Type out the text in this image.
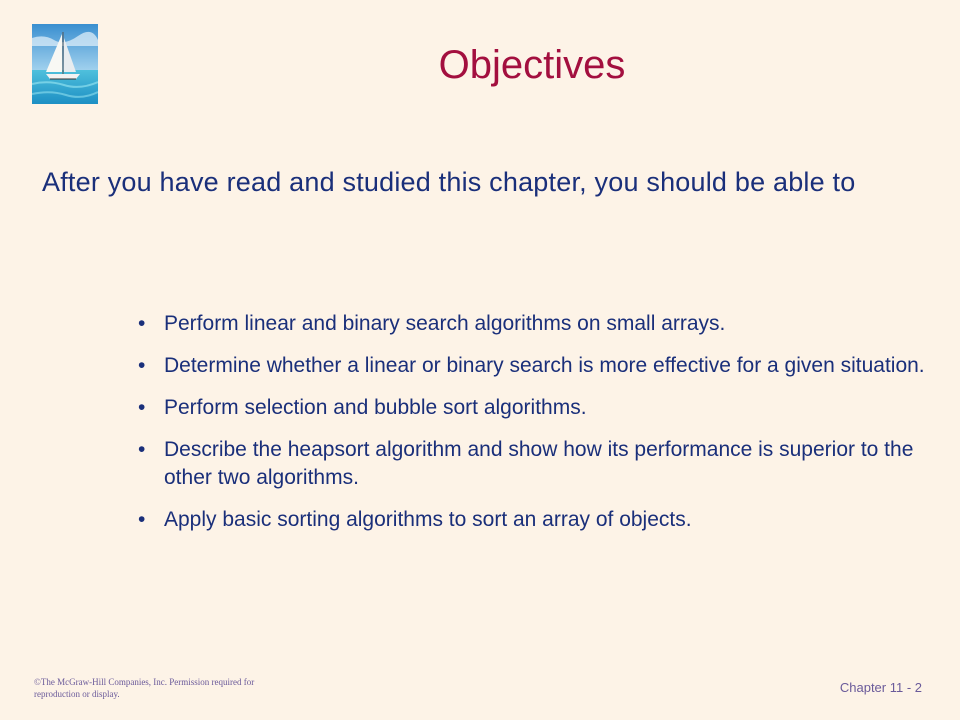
Objectives

After you have read and studied this chapter, you should be able to

• Perform linear and binary search algorithms on small arrays.
• Determine whether a linear or binary search is more effective for a given situation.
• Perform selection and bubble sort algorithms.
• Describe the heapsort algorithm and show how its performance is superior to the other two algorithms.
• Apply basic sorting algorithms to sort an array of objects.
©The McGraw-Hill Companies, Inc. Permission required for reproduction or display.	Chapter 11 - 2
